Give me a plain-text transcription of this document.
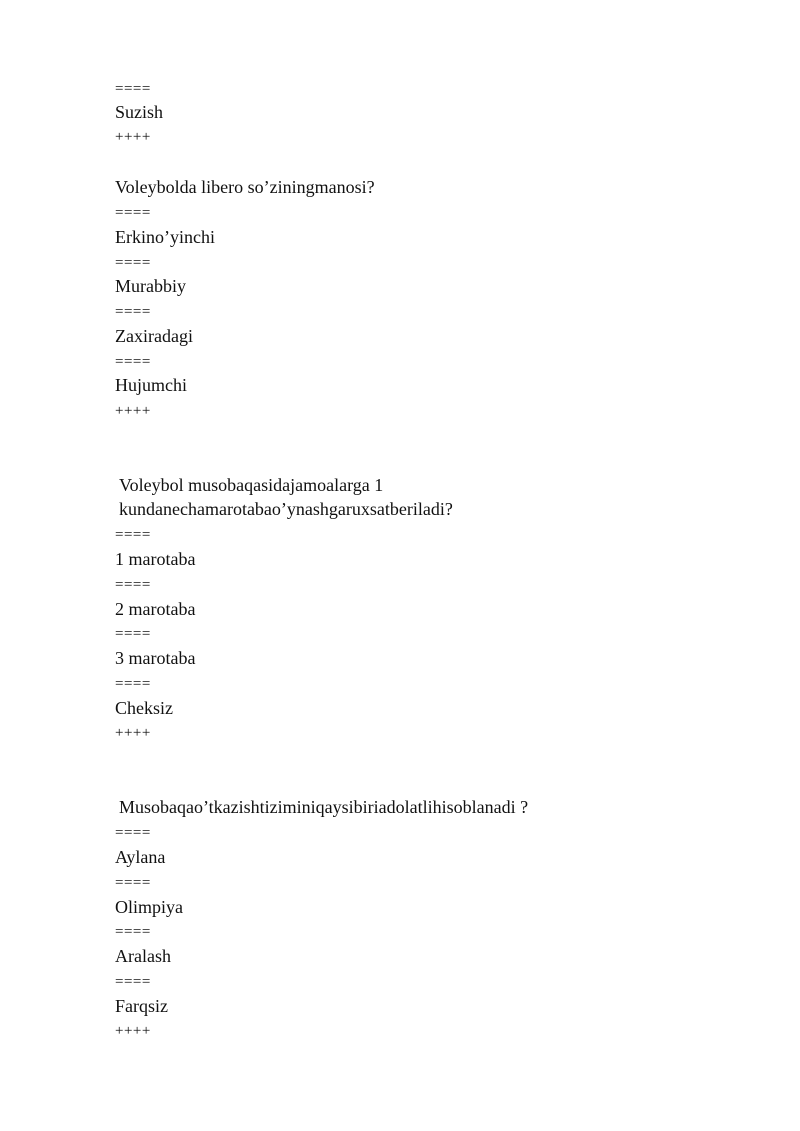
====
Suzish
++++
Voleybolda libero so’ziningmanosi?
====
Erkino’yinchi
====
Murabbiy
====
Zaxiradagi
====
Hujumchi
++++
Voleybol musobaqasidajamoalarga 1
kundanechamarotabao’ynashgaruxsatberiladi?
====
1 marotaba
====
2 marotaba
====
3 marotaba
====
Cheksiz
++++
Musobaqao’tkazishtiziminiqaysibiriadolatlihisoblanadi ?
====
Aylana
====
Olimpiya
====
Aralash
====
Farqsiz
++++
